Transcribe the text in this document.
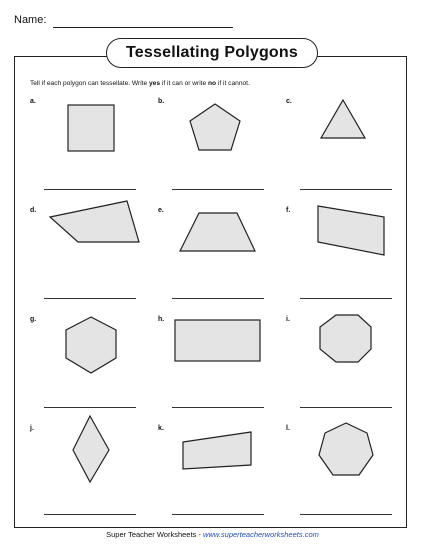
Name:
Tessellating Polygons
Tell if each polygon can tessellate. Write yes if it can or write no if it cannot.
a.	b.	c.
d.	e.	f.
g.	h.	i.
j.	k.	l.
Super Teacher Worksheets - www.superteacherworksheets.com
